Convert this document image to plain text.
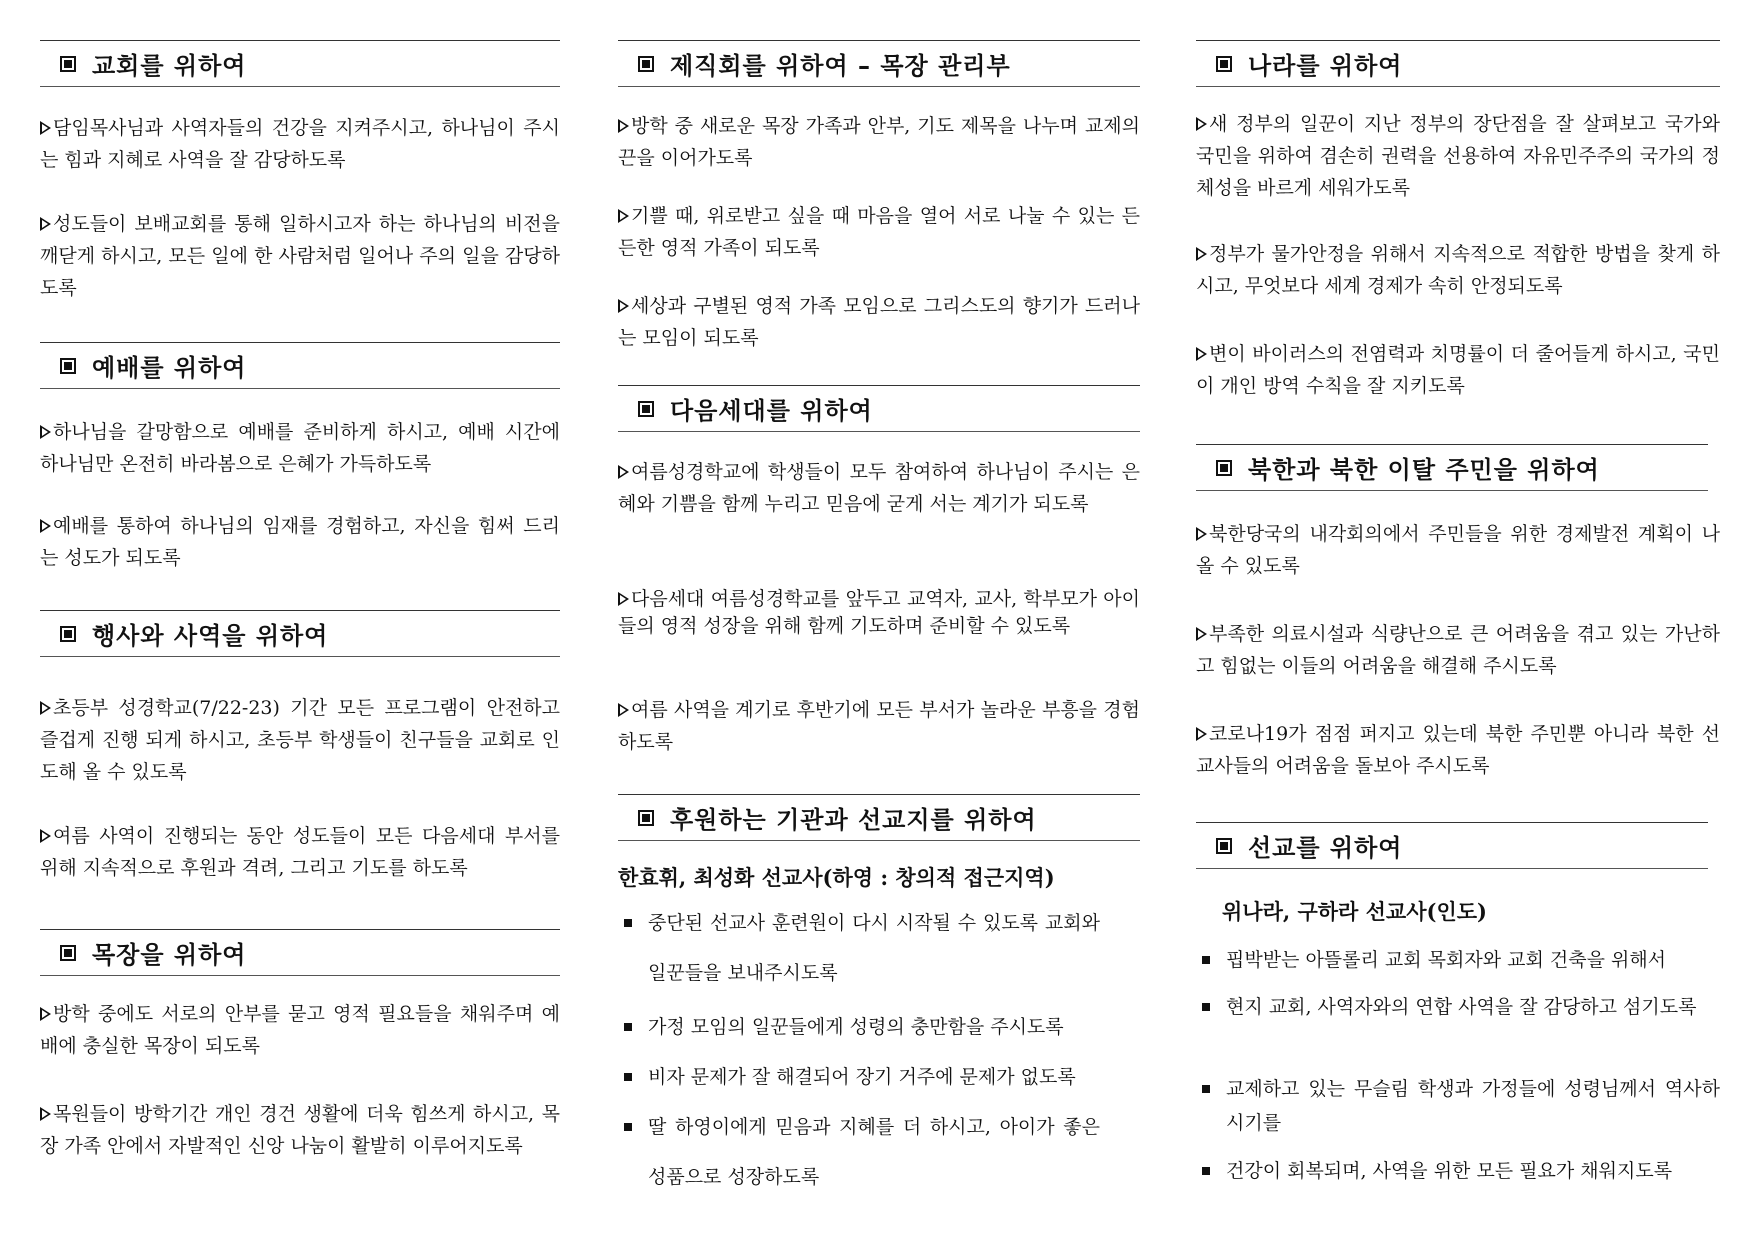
교회를 위하여
담임목사님과 사역자들의 건강을 지켜주시고, 하나님이 주시는 힘과 지혜로 사역을 잘 감당하도록
성도들이 보배교회를 통해 일하시고자 하는 하나님의 비전을 깨닫게 하시고, 모든 일에 한 사람처럼 일어나 주의 일을 감당하도록
예배를 위하여
하나님을 갈망함으로 예배를 준비하게 하시고, 예배 시간에 하나님만 온전히 바라봄으로 은혜가 가득하도록
예배를 통하여 하나님의 임재를 경험하고, 자신을 힘써 드리는 성도가 되도록
행사와 사역을 위하여
초등부 성경학교(7/22-23) 기간 모든 프로그램이 안전하고 즐겁게 진행 되게 하시고, 초등부 학생들이 친구들을 교회로 인도해 올 수 있도록
여름 사역이 진행되는 동안 성도들이 모든 다음세대 부서를 위해 지속적으로 후원과 격려, 그리고 기도를 하도록
목장을 위하여
방학 중에도 서로의 안부를 묻고 영적 필요들을 채워주며 예배에 충실한 목장이 되도록
목원들이 방학기간 개인 경건 생활에 더욱 힘쓰게 하시고, 목장 가족 안에서 자발적인 신앙 나눔이 활발히 이루어지도록
제직회를 위하여 – 목장 관리부
방학 중 새로운 목장 가족과 안부, 기도 제목을 나누며 교제의 끈을 이어가도록
기쁠 때, 위로받고 싶을 때 마음을 열어 서로 나눌 수 있는 든든한 영적 가족이 되도록
세상과 구별된 영적 가족 모임으로 그리스도의 향기가 드러나는 모임이 되도록
다음세대를 위하여
여름성경학교에 학생들이 모두 참여하여 하나님이 주시는 은혜와 기쁨을 함께 누리고 믿음에 굳게 서는 계기가 되도록
다음세대 여름성경학교를 앞두고 교역자, 교사, 학부모가 아이들의 영적 성장을 위해 함께 기도하며 준비할 수 있도록
여름 사역을 계기로 후반기에 모든 부서가 놀라운 부흥을 경험하도록
후원하는 기관과 선교지를 위하여
한효휘, 최성화 선교사(하영 : 창의적 접근지역)
중단된 선교사 훈련원이 다시 시작될 수 있도록 교회와 일꾼들을 보내주시도록
가정 모임의 일꾼들에게 성령의 충만함을 주시도록
비자 문제가 잘 해결되어 장기 거주에 문제가 없도록
딸 하영이에게 믿음과 지혜를 더 하시고, 아이가 좋은 성품으로 성장하도록
나라를 위하여
새 정부의 일꾼이 지난 정부의 장단점을 잘 살펴보고 국가와 국민을 위하여 겸손히 권력을 선용하여 자유민주주의 국가의 정체성을 바르게 세워가도록
정부가 물가안정을 위해서 지속적으로 적합한 방법을 찾게 하시고, 무엇보다 세계 경제가 속히 안정되도록
변이 바이러스의 전염력과 치명률이 더 줄어들게 하시고, 국민이 개인 방역 수칙을 잘 지키도록
북한과 북한 이탈 주민을 위하여
북한당국의 내각회의에서 주민들을 위한 경제발전 계획이 나올 수 있도록
부족한 의료시설과 식량난으로 큰 어려움을 겪고 있는 가난하고 힘없는 이들의 어려움을 해결해 주시도록
코로나19가 점점 퍼지고 있는데 북한 주민뿐 아니라 북한 선교사들의 어려움을 돌보아 주시도록
선교를 위하여
위나라, 구하라 선교사(인도)
핍박받는 아뜰롤리 교회 목회자와 교회 건축을 위해서
현지 교회, 사역자와의 연합 사역을 잘 감당하고 섬기도록
교제하고 있는 무슬림 학생과 가정들에 성령님께서 역사하시기를
건강이 회복되며, 사역을 위한 모든 필요가 채워지도록
